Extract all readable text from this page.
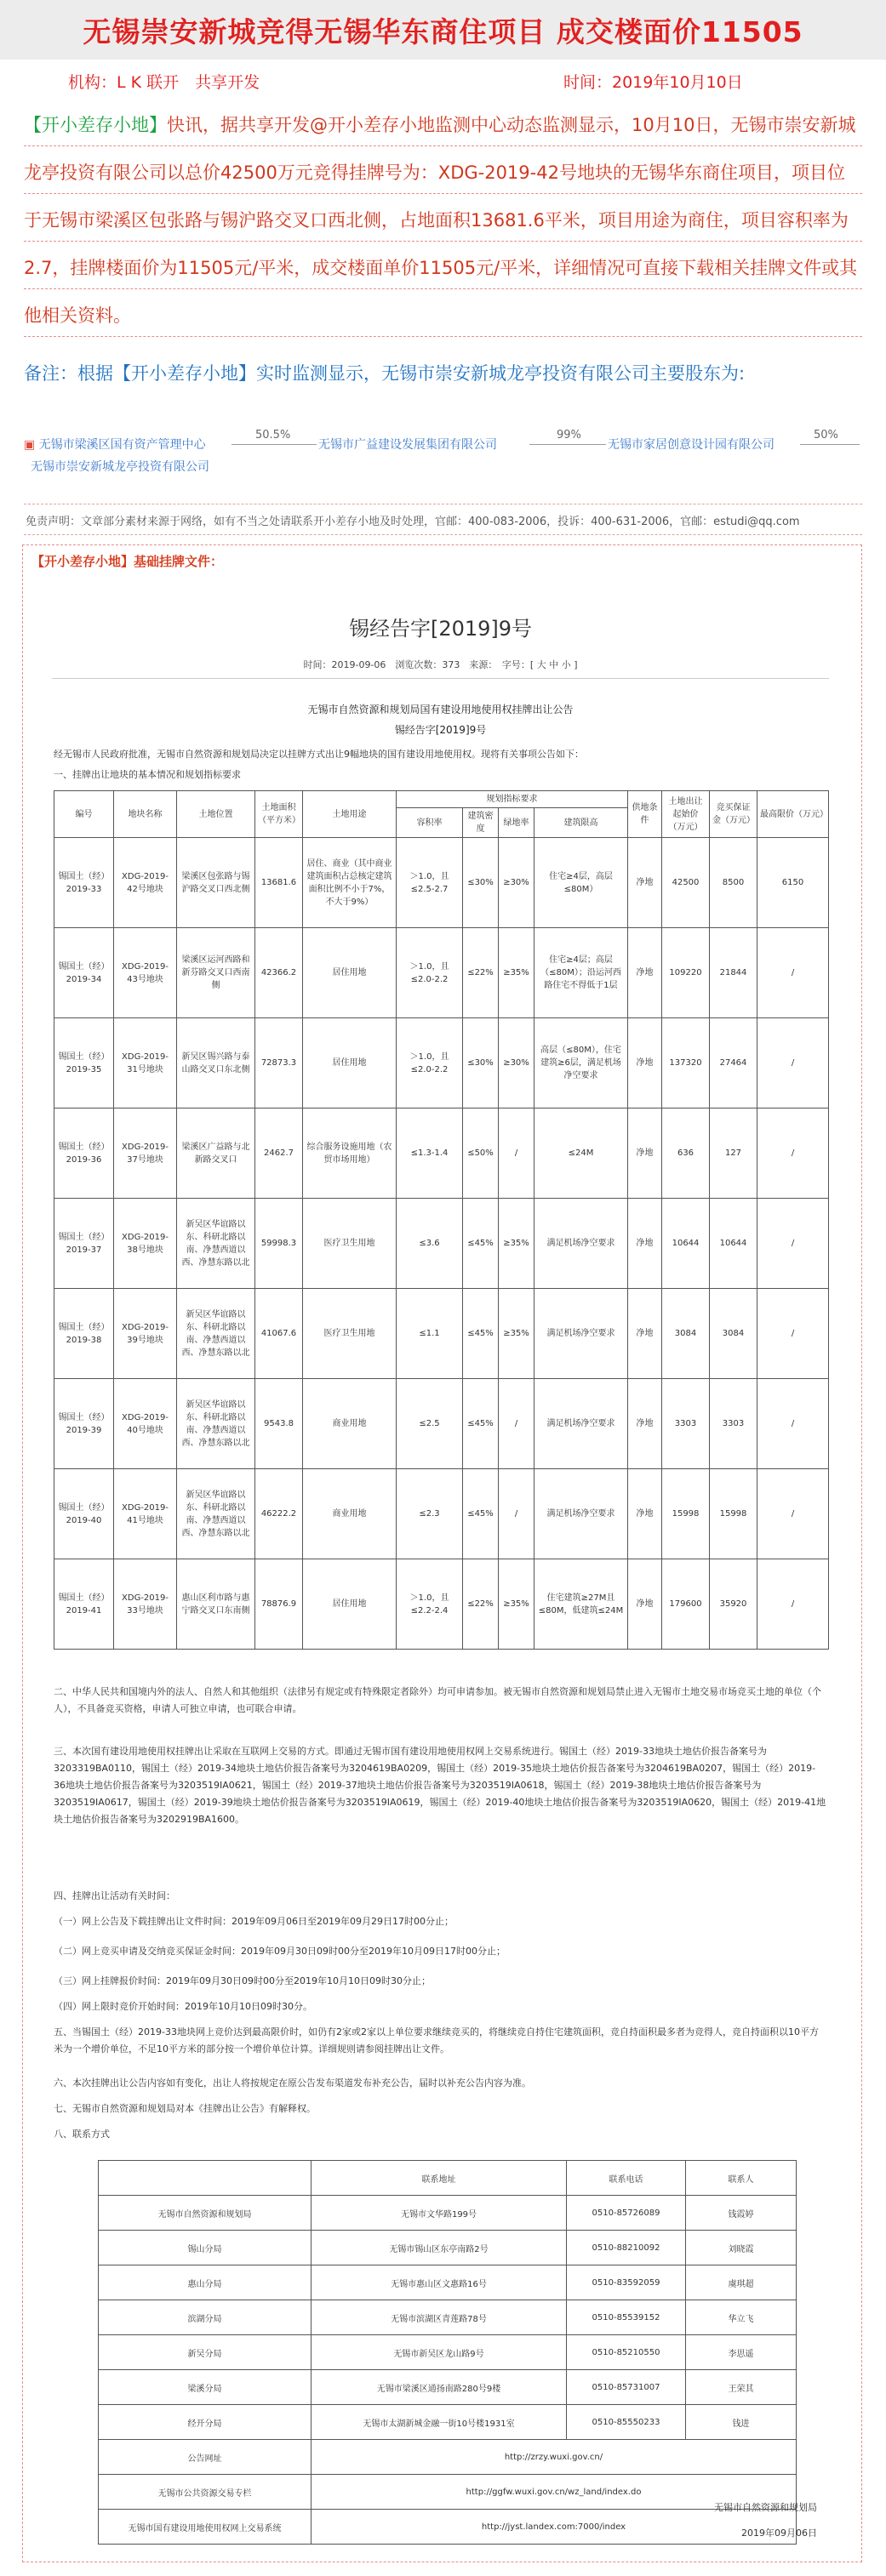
无锡崇安新城竞得无锡华东商住项目 成交楼面价11505
机构：L K 联开　共享开发	时间：2019年10月10日
【开小差存小地】快讯，据共享开发@开小差存小地监测中心动态监测显示，10月10日，无锡市崇安新城
龙亭投资有限公司以总价42500万元竞得挂牌号为：XDG-2019-42号地块的无锡华东商住项目，项目位
于无锡市梁溪区包张路与锡沪路交叉口西北侧，占地面积13681.6平米，项目用途为商住，项目容积率为
2.7，挂牌楼面价为11505元/平米，成交楼面单价11505元/平米，详细情况可直接下载相关挂牌文件或其
他相关资料。
备注：根据【开小差存小地】实时监测显示，无锡市崇安新城龙亭投资有限公司主要股东为:
▣ 无锡市梁溪区国有资产管理中心
50.5%
无锡市广益建设发展集团有限公司
99%
无锡市家居创意设计园有限公司
50%
无锡市崇安新城龙亭投资有限公司
免责声明：文章部分素材来源于网络，如有不当之处请联系开小差存小地及时处理，官邮：400-083-2006，投诉：400-631-2006，官邮：estudi@qq.com
【开小差存小地】基础挂牌文件：
锡经告字[2019]9号
时间：2019-09-06　浏览次数：373　来源：　字号：[ 大 中 小 ]
无锡市自然资源和规划局国有建设用地使用权挂牌出让公告
锡经告字[2019]9号
经无锡市人民政府批准，无锡市自然资源和规划局决定以挂牌方式出让9幅地块的国有建设用地使用权。现将有关事项公告如下：
一、挂牌出让地块的基本情况和规划指标要求
编号	地块名称	土地位置	土地面积（平方米）	土地用途	规划指标要求				供地条件	土地出让起始价（万元）	竞买保证金（万元）	最高限价（万元）
					容积率	建筑密度	绿地率	建筑限高				
锡国土（经）2019-33	XDG-2019-42号地块	梁溪区包张路与锡沪路交叉口西北侧	13681.6	居住、商业（其中商业建筑面积占总核定建筑面积比例不小于7%，不大于9%）	＞1.0，且≤2.5-2.7	≤30%	≥30%	住宅≥4层，高层≤80M）	净地	42500	8500	6150
锡国土（经）2019-34	XDG-2019-43号地块	梁溪区运河西路和新芬路交叉口西南侧	42366.2	居住用地	＞1.0，且≤2.0-2.2	≤22%	≥35%	住宅≥4层；高层（≤80M）；沿运河西路住宅不得低于1层	净地	109220	21844	/
锡国土（经）2019-35	XDG-2019-31号地块	新吴区锡兴路与泰山路交叉口东北侧	72873.3	居住用地	＞1.0，且≤2.0-2.2	≤30%	≥30%	高层（≤80M），住宅建筑≥6层，满足机场净空要求	净地	137320	27464	/
锡国土（经）2019-36	XDG-2019-37号地块	梁溪区广益路与北新路交叉口	2462.7	综合服务设施用地（农贸市场用地）	≤1.3-1.4	≤50%	/	≤24M	净地	636	127	/
锡国土（经）2019-37	XDG-2019-38号地块	新吴区华谊路以东、科研北路以南、净慧西道以西、净慧东路以北	59998.3	医疗卫生用地	≤3.6	≤45%	≥35%	满足机场净空要求	净地	10644	10644	/
锡国土（经）2019-38	XDG-2019-39号地块	新吴区华谊路以东、科研北路以南、净慧西道以西、净慧东路以北	41067.6	医疗卫生用地	≤1.1	≤45%	≥35%	满足机场净空要求	净地	3084	3084	/
锡国土（经）2019-39	XDG-2019-40号地块	新吴区华谊路以东、科研北路以南、净慧西道以西、净慧东路以北	9543.8	商业用地	≤2.5	≤45%	/	满足机场净空要求	净地	3303	3303	/
锡国土（经）2019-40	XDG-2019-41号地块	新吴区华谊路以东、科研北路以南、净慧西道以西、净慧东路以北	46222.2	商业用地	≤2.3	≤45%	/	满足机场净空要求	净地	15998	15998	/
锡国土（经）2019-41	XDG-2019-33号地块	惠山区利市路与惠宁路交叉口东南侧	78876.9	居住用地	＞1.0，且≤2.2-2.4	≤22%	≥35%	住宅建筑≥27M且≤80M，低建筑≤24M	净地	179600	35920	/
二、中华人民共和国境内外的法人、自然人和其他组织（法律另有规定或有特殊限定者除外）均可申请参加。被无锡市自然资源和规划局禁止进入无锡市土地交易市场竞买土地的单位（个人），不具备竞买资格，申请人可独立申请，也可联合申请。
三、本次国有建设用地使用权挂牌出让采取在互联网上交易的方式。即通过无锡市国有建设用地使用权网上交易系统进行。锡国土（经）2019-33地块土地估价报告备案号为3203319BA0110，锡国土（经）2019-34地块土地估价报告备案号为3204619BA0209，锡国土（经）2019-35地块土地估价报告备案号为3204619BA0207，锡国土（经）2019-36地块土地估价报告备案号为3203519IA0621，锡国土（经）2019-37地块土地估价报告备案号为3203519IA0618，锡国土（经）2019-38地块土地估价报告备案号为3203519IA0617，锡国土（经）2019-39地块土地估价报告备案号为3203519IA0619，锡国土（经）2019-40地块土地估价报告备案号为3203519IA0620，锡国土（经）2019-41地块土地估价报告备案号为3202919BA1600。
四、挂牌出让活动有关时间：
（一）网上公告及下载挂牌出让文件时间：2019年09月06日至2019年09月29日17时00分止；
（二）网上竞买申请及交纳竞买保证金时间：2019年09月30日09时00分至2019年10月09日17时00分止；
（三）网上挂牌报价时间：2019年09月30日09时00分至2019年10月10日09时30分止；
（四）网上限时竞价开始时间：2019年10月10日09时30分。
五、当锡国土（经）2019-33地块网上竞价达到最高限价时，如仍有2家或2家以上单位要求继续竞买的，将继续竞自持住宅建筑面积，竞自持面积最多者为竞得人，竞自持面积以10平方米为一个增价单位，不足10平方米的部分按一个增价单位计算。详细规则请参阅挂牌出让文件。
六、本次挂牌出让公告内容如有变化，出让人将按规定在原公告发布渠道发布补充公告，届时以补充公告内容为准。
七、无锡市自然资源和规划局对本《挂牌出让公告》有解释权。
八、联系方式
	联系地址	联系电话	联系人
无锡市自然资源和规划局	无锡市文华路199号	0510-85726089	钱霞婷
锡山分局	无锡市锡山区东亭南路2号	0510-88210092	刘晓霞
惠山分局	无锡市惠山区文惠路16号	0510-83592059	虞琪超
滨湖分局	无锡市滨湖区青莲路78号	0510-85539152	华立飞
新吴分局	无锡市新吴区龙山路9号	0510-85210550	李思遥
梁溪分局	无锡市梁溪区通扬南路280号9楼	0510-85731007	王荣其
经开分局	无锡市太湖新城金融一街10号楼1931室	0510-85550233	钱进
公告网址	http://zrzy.wuxi.gov.cn/		
无锡市公共资源交易专栏	http://ggfw.wuxi.gov.cn/wz_land/index.do		
无锡市国有建设用地使用权网上交易系统	http://jyst.landex.com:7000/index		
无锡市自然资源和规划局
2019年09月06日
